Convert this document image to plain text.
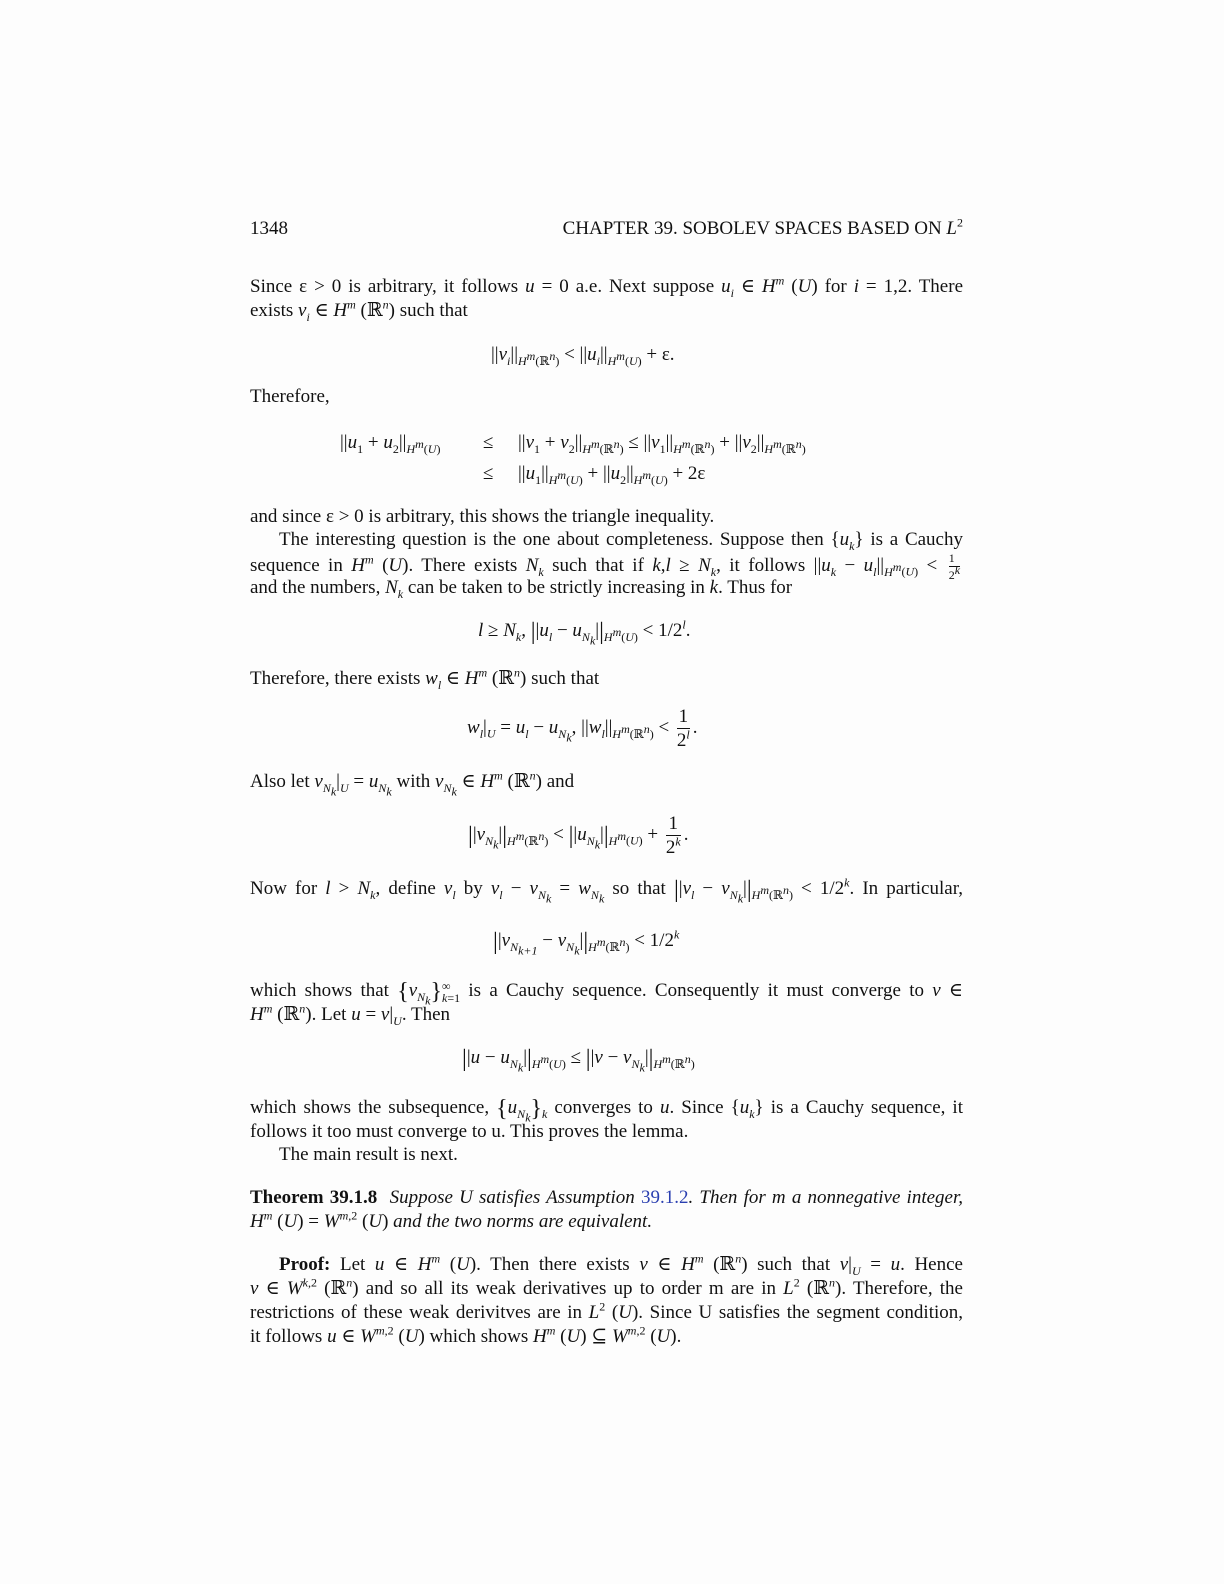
1348	CHAPTER 39. SOBOLEV SPACES BASED ON $L^2$
Since ε > 0 is arbitrary, it follows u = 0 a.e. Next suppose $u_i$ ∈ $H^m$ (U) for i = 1,2. There
exists $v_i$ ∈ $H^m$ (ℝ$^n$) such that
$||v_i||_{H^m(ℝ^n)} < ||u_i||_{H^m(U)} + \varepsilon$.
Therefore,
$||u_1 + u_2||_{H^m(U)} \le ||v_1 + v_2||_{H^m(ℝ^n)} \le ||v_1||_{H^m(ℝ^n)} + ||v_2||_{H^m(ℝ^n)}$
≤ $||u_1||_{H^m(U)} + ||u_2||_{H^m(U)} + 2\varepsilon$
and since ε > 0 is arbitrary, this shows the triangle inequality.
The interesting question is the one about completeness. Suppose then $\{u_k\}$ is a Cauchy
sequence in $H^m$ (U). There exists $N_k$ such that if $k,l \ge N_k$, it follows $||u_k - u_l||_{H^m(U)} < \frac{1}{2^k}$
and the numbers, $N_k$ can be taken to be strictly increasing in k. Thus for
$l \ge N_k$, $||u_l - u_{N_k}||_{H^m(U)} < 1/2^l$.
Therefore, there exists $w_l$ ∈ $H^m$ (ℝ$^n$) such that
$w_l|_U = u_l - u_{N_k}$, $||w_l||_{H^m(ℝ^n)} < \frac{1}{2^l}$ .
Also let $v_{N_k}|_U = u_{N_k}$ with $v_{N_k}$ ∈ $H^m$ (ℝ$^n$) and
$||v_{N_k}||_{H^m(ℝ^n)} < ||u_{N_k}||_{H^m(U)} + \frac{1}{2^k}$ .
Now for $l > N_k$, define $v_l$ by $v_l - v_{N_k} = w_{N_k}$ so that $||v_l - v_{N_k}||_{H^m(ℝ^n)} < 1/2^k$. In particular,
$||v_{N_{k+1}} - v_{N_k}||_{H^m(ℝ^n)} < 1/2^k$
which shows that $\{v_{N_k}\}\infty$
k=1 is a Cauchy sequence. Consequently it must converge to v ∈
$H^m$ (ℝ$^n$). Let $u = v|_U$. Then
$||u - u_{N_k}||_{H^m(U)} \le ||v - v_{N_k}||_{H^m(ℝ^n)}$
which shows the subsequence, $\{u_{N_k}\}_k$ converges to u. Since $\{u_k\}$ is a Cauchy sequence, it
follows it too must converge to u. This proves the lemma.
The main result is next.
Theorem 39.1.8 Suppose U satisfies Assumption 39.1.2. Then for m a nonnegative integer,
$H^m$ (U) = W$^{m,2}$ (U) and the two norms are equivalent.
Proof: Let u ∈ $H^m$ (U). Then there exists v ∈ $H^m$ (ℝ$^n$) such that $v|_U = u$. Hence
v ∈ W$^{k,2}$ (ℝ$^n$) and so all its weak derivatives up to order m are in $L^2$ (ℝ$^n$). Therefore, the
restrictions of these weak derivitves are in $L^2$ (U). Since U satisfies the segment condition,
it follows u ∈ W$^{m,2}$ (U) which shows $H^m$ (U) ⊆ W$^{m,2}$ (U).
